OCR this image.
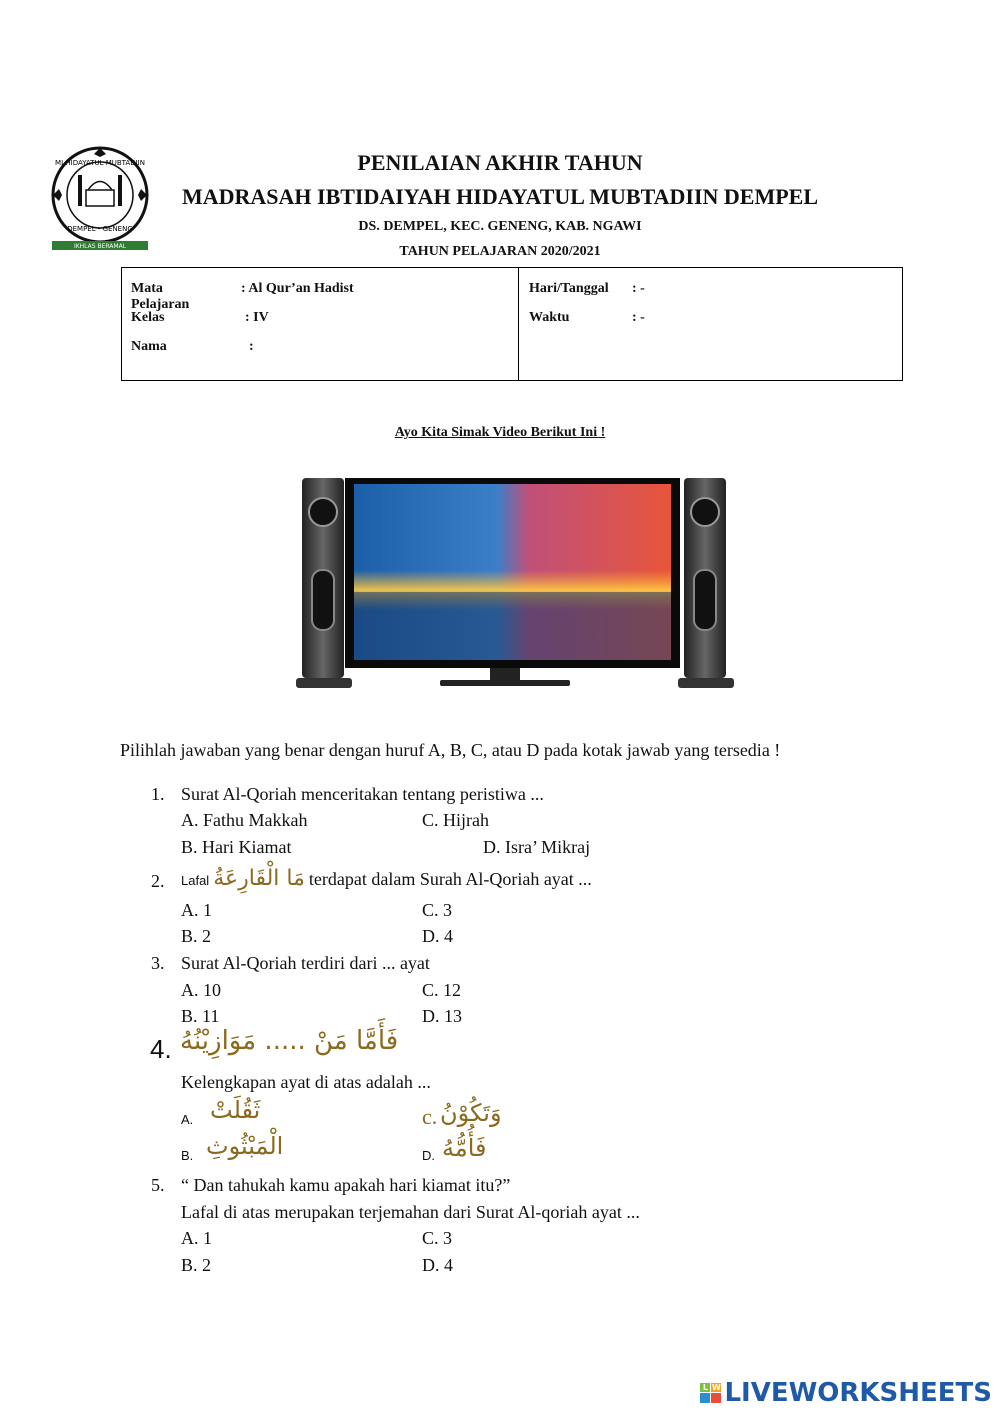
MI HIDAYATUL MUBTADIIN
DEMPEL - GENENG
IKHLAS BERAMAL
PENILAIAN AKHIR TAHUN
MADRASAH IBTIDAIYAH HIDAYATUL MUBTADIIN DEMPEL
DS. DEMPEL, KEC. GENENG, KAB. NGAWI
TAHUN PELAJARAN 2020/2021
Mata Pelajaran
: Al Qur’an Hadist
Kelas	: IV
Nama	:
Hari/Tanggal : -
Waktu	: -
Ayo Kita Simak Video Berikut Ini !
Pilihlah jawaban yang benar dengan huruf A, B, C, atau D pada kotak jawab yang tersedia !
1. Surat Al-Qoriah menceritakan tentang peristiwa ...
A. Fathu Makkah	C. Hijrah
B. Hari Kiamat	D. Isra’ Mikraj
2. Lafal مَا الْقَارِعَةُ terdapat dalam Surah Al-Qoriah ayat ...
A. 1	C. 3
B. 2	D. 4
3. Surat Al-Qoriah terdiri dari ... ayat
A. 10	C. 12
B. 11	D. 13
4. فَأَمَّا مَنْ ..... مَوَازِيْنُهُ
Kelengkapan ayat di atas adalah ...
A. ثَقُلَتْ	c. وَتَكُوْنُ
B. الْمَبْثُوثِ	D. فَأُمُّهُ
5. “ Dan tahukah kamu apakah hari kiamat itu?”
Lafal di atas merupakan terjemahan dari Surat Al-qoriah ayat ...
A. 1	C. 3
B. 2	D. 4
L W LIVEWORKSHEETS
